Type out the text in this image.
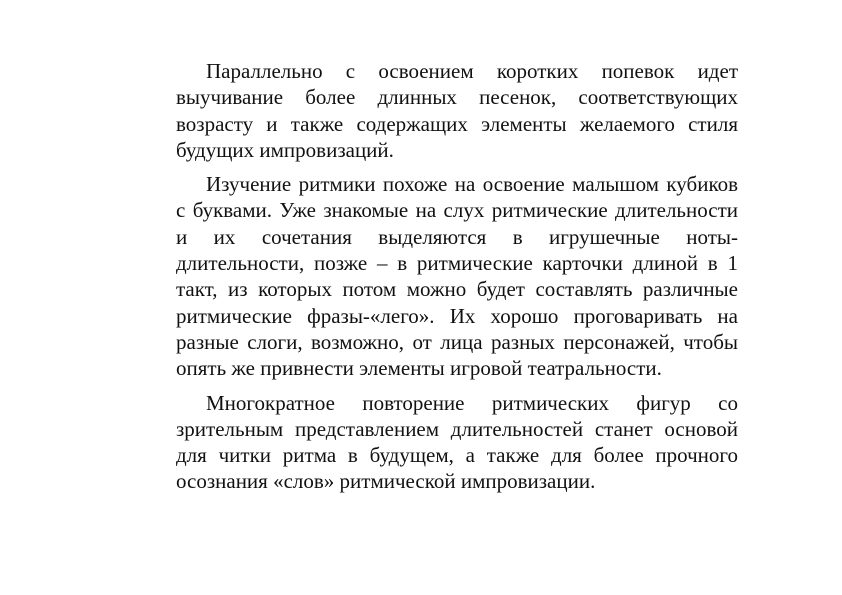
Параллельно с освоением коротких попевок идет выучивание более длинных песенок, соответствующих возрасту и также содержащих элементы желаемого стиля будущих импровизаций.

Изучение ритмики похоже на освоение малышом кубиков с буквами. Уже знакомые на слух ритмические длительности и их сочетания выделяются в игрушечные ноты-длительности, позже – в ритмические карточки длиной в 1 такт, из которых потом можно будет составлять различные ритмические фразы-«лего». Их хорошо проговаривать на разные слоги, возможно, от лица разных персонажей, чтобы опять же привнести элементы игровой театральности.

Многократное повторение ритмических фигур со зрительным представлением длительностей станет основой для читки ритма в будущем, а также для более прочного осознания «слов» ритмической импровизации.
